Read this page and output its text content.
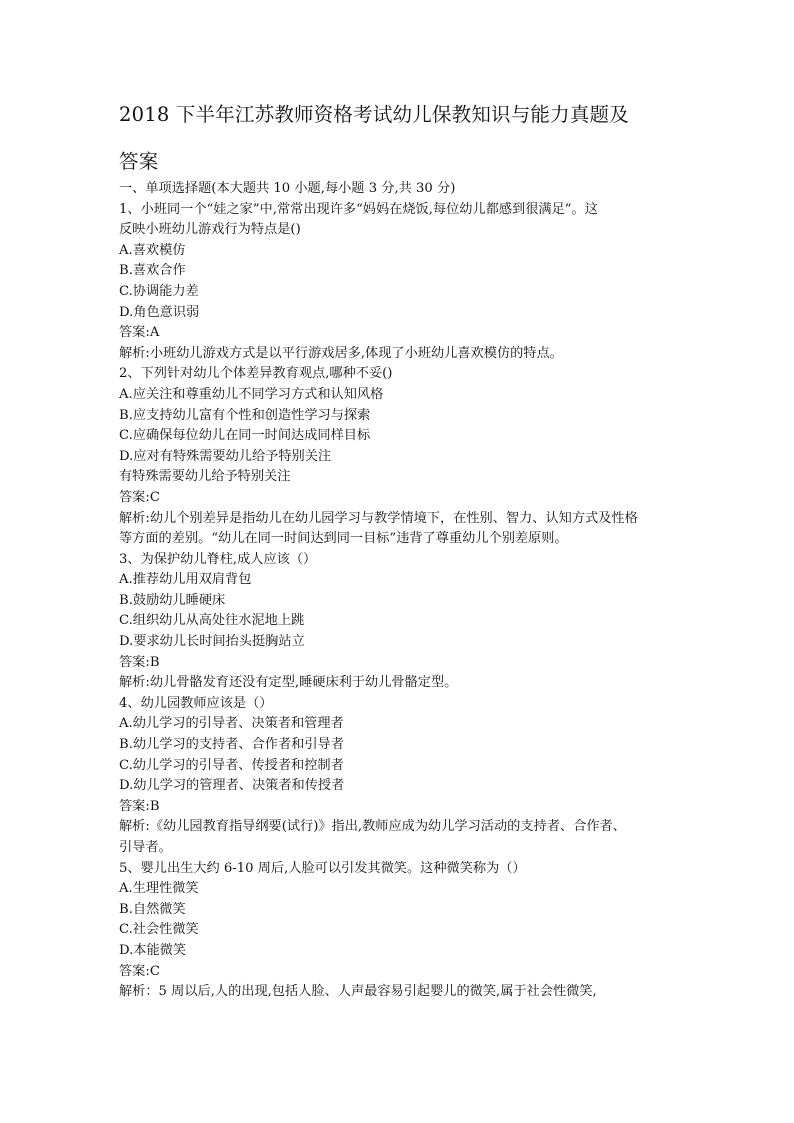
2018 下半年江苏教师资格考试幼儿保教知识与能力真题及
答案
一、单项选择题(本大题共 10 小题,每小题 3 分,共 30 分)
1、小班同一个“娃之家”中,常常出现许多“妈妈在烧饭,每位幼儿都感到很满足”。这
反映小班幼儿游戏行为特点是()
A.喜欢模仿
B.喜欢合作
C.协调能力差
D.角色意识弱
答案:A
解析:小班幼儿游戏方式是以平行游戏居多,体现了小班幼儿喜欢模仿的特点。
2、下列针对幼儿个体差异教育观点,哪种不妥()
A.应关注和尊重幼儿不同学习方式和认知风格
B.应支持幼儿富有个性和创造性学习与探索
C.应确保每位幼儿在同一时间达成同样目标
D.应对有特殊需要幼儿给予特别关注
有特殊需要幼儿给予特别关注
答案:C
解析:幼儿个别差异是指幼儿在幼儿园学习与教学情境下，在性别、智力、认知方式及性格
等方面的差别。“幼儿在同一时间达到同一目标”违背了尊重幼儿个别差原则。
3、为保护幼儿脊柱,成人应该（）
A.推荐幼儿用双肩背包
B.鼓励幼儿睡硬床
C.组织幼儿从高处往水泥地上跳
D.要求幼儿长时间抬头挺胸站立
答案:B
解析:幼儿骨骼发育还没有定型,睡硬床利于幼儿骨骼定型。
4、幼儿园教师应该是（）
A.幼儿学习的引导者、决策者和管理者
B.幼儿学习的支持者、合作者和引导者
C.幼儿学习的引导者、传授者和控制者
D.幼儿学习的管理者、决策者和传授者
答案:B
解析:《幼儿园教育指导纲要(试行)》指出,教师应成为幼儿学习活动的支持者、合作者、
引导者。
5、婴儿出生大约 6-10 周后,人脸可以引发其微笑。这种微笑称为（）
A.生理性微笑
B.自然微笑
C.社会性微笑
D.本能微笑
答案:C
解析：5 周以后,人的出现,包括人脸、人声最容易引起婴儿的微笑,属于社会性微笑,
